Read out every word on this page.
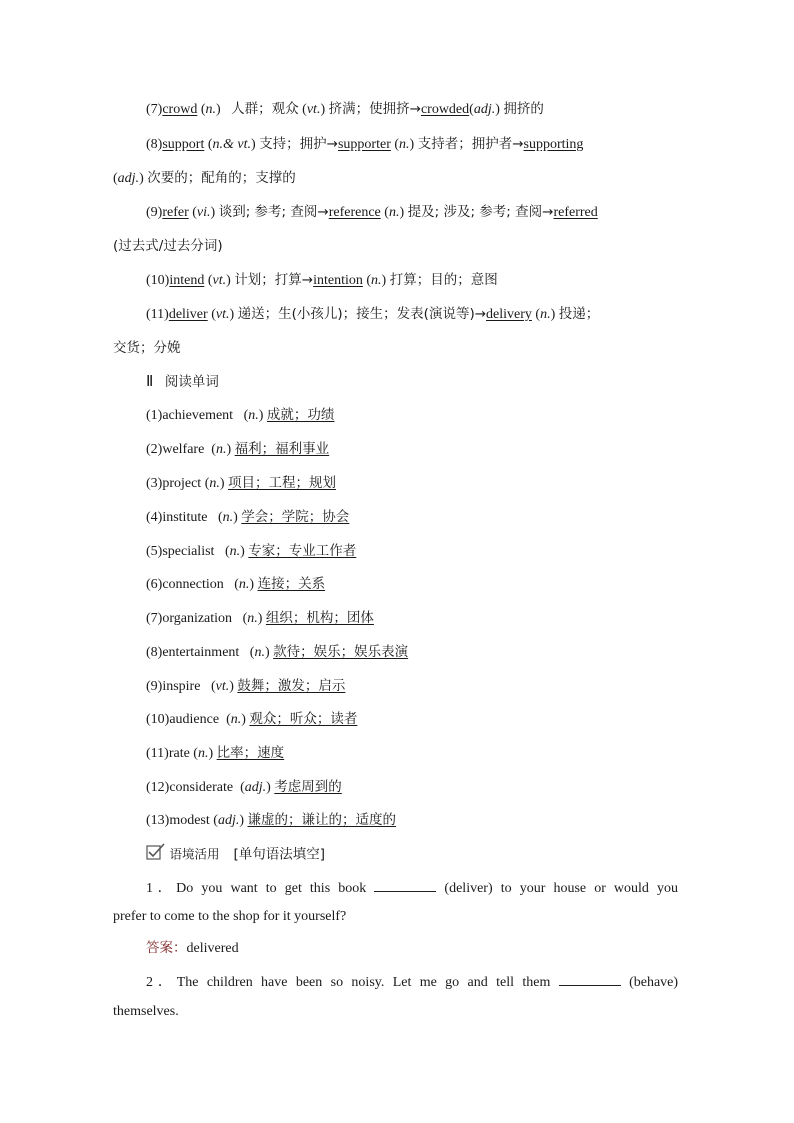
(7)crowd (n.)   人群；观众 (vt.) 挤满；使拥挤→crowded(adj.) 拥挤的
(8)support (n.& vt.) 支持；拥护→supporter (n.) 支持者；拥护者→supporting
(adj.) 次要的；配角的；支撑的
(9)refer (vi.) 谈到; 参考; 查阅→reference (n.) 提及; 涉及; 参考; 查阅→referred
(过去式/过去分词)
(10)intend (vt.) 计划；打算→intention (n.) 打算；目的；意图
(11)deliver (vt.) 递送；生(小孩儿)；接生；发表(演说等)→delivery (n.) 投递；
交货；分娩
Ⅱ 阅读单词
(1)achievement   (n.) 成就；功绩
(2)welfare  (n.) 福利；福利事业
(3)project (n.) 项目；工程；规划
(4)institute   (n.) 学会；学院；协会
(5)specialist   (n.) 专家；专业工作者
(6)connection   (n.) 连接；关系
(7)organization   (n.) 组织；机构；团体
(8)entertainment   (n.) 款待；娱乐；娱乐表演
(9)inspire   (vt.) 鼓舞；激发；启示
(10)audience  (n.) 观众；听众；读者
(11)rate (n.) 比率；速度
(12)considerate  (adj.) 考虑周到的
(13)modest (adj.) 谦虚的；谦让的；适度的
语境活用 [单句语法填空]
1．Do you want to get this book	(deliver) to your house or would you
prefer to come to the shop for it yourself?
答案：delivered
2．The children have been so noisy. Let me go and tell them	(behave)
themselves.
